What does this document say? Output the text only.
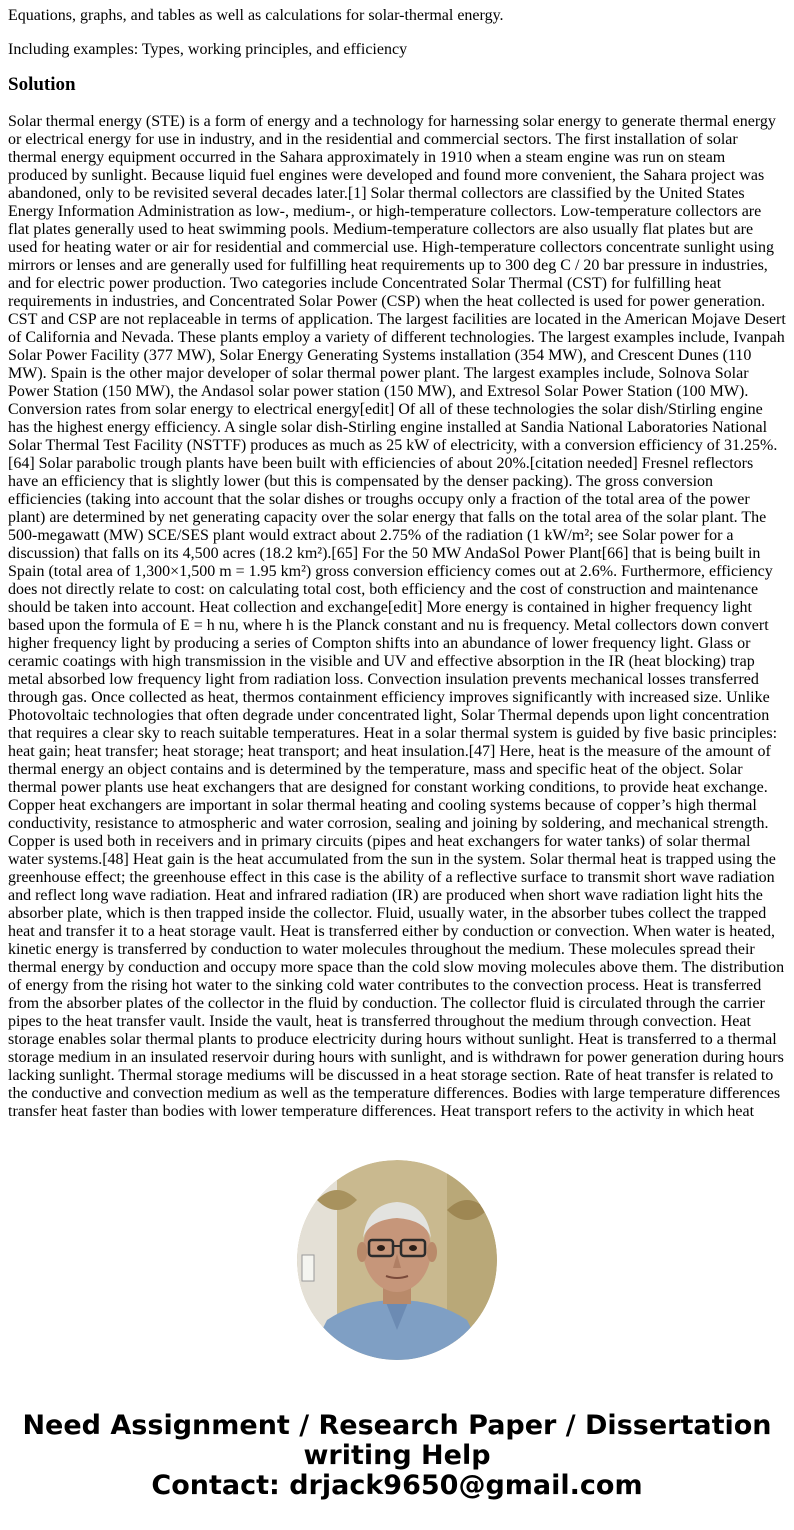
Equations, graphs, and tables as well as calculations for solar-thermal energy.

Including examples: Types, working principles, and efficiency

Solution
Solar thermal energy (STE) is a form of energy and a technology for harnessing solar energy to generate thermal energy or electrical energy for use in industry, and in the residential and commercial sectors. The first installation of solar thermal energy equipment occurred in the Sahara approximately in 1910 when a steam engine was run on steam produced by sunlight. Because liquid fuel engines were developed and found more convenient, the Sahara project was abandoned, only to be revisited several decades later.[1] Solar thermal collectors are classified by the United States Energy Information Administration as low-, medium-, or high-temperature collectors. Low-temperature collectors are flat plates generally used to heat swimming pools. Medium-temperature collectors are also usually flat plates but are used for heating water or air for residential and commercial use. High-temperature collectors concentrate sunlight using mirrors or lenses and are generally used for fulfilling heat requirements up to 300 deg C / 20 bar pressure in industries, and for electric power production. Two categories include Concentrated Solar Thermal (CST) for fulfilling heat requirements in industries, and Concentrated Solar Power (CSP) when the heat collected is used for power generation. CST and CSP are not replaceable in terms of application. The largest facilities are located in the American Mojave Desert of California and Nevada. These plants employ a variety of different technologies. The largest examples include, Ivanpah Solar Power Facility (377 MW), Solar Energy Generating Systems installation (354 MW), and Crescent Dunes (110 MW). Spain is the other major developer of solar thermal power plant. The largest examples include, Solnova Solar Power Station (150 MW), the Andasol solar power station (150 MW), and Extresol Solar Power Station (100 MW). Conversion rates from solar energy to electrical energy[edit] Of all of these technologies the solar dish/Stirling engine has the highest energy efficiency. A single solar dish-Stirling engine installed at Sandia National Laboratories National Solar Thermal Test Facility (NSTTF) produces as much as 25 kW of electricity, with a conversion efficiency of 31.25%.[64] Solar parabolic trough plants have been built with efficiencies of about 20%.[citation needed] Fresnel reflectors have an efficiency that is slightly lower (but this is compensated by the denser packing). The gross conversion efficiencies (taking into account that the solar dishes or troughs occupy only a fraction of the total area of the power plant) are determined by net generating capacity over the solar energy that falls on the total area of the solar plant. The 500-megawatt (MW) SCE/SES plant would extract about 2.75% of the radiation (1 kW/m²; see Solar power for a discussion) that falls on its 4,500 acres (18.2 km²).[65] For the 50 MW AndaSol Power Plant[66] that is being built in Spain (total area of 1,300×1,500 m = 1.95 km²) gross conversion efficiency comes out at 2.6%. Furthermore, efficiency does not directly relate to cost: on calculating total cost, both efficiency and the cost of construction and maintenance should be taken into account. Heat collection and exchange[edit] More energy is contained in higher frequency light based upon the formula of E = h nu, where h is the Planck constant and nu is frequency. Metal collectors down convert higher frequency light by producing a series of Compton shifts into an abundance of lower frequency light. Glass or ceramic coatings with high transmission in the visible and UV and effective absorption in the IR (heat blocking) trap metal absorbed low frequency light from radiation loss. Convection insulation prevents mechanical losses transferred through gas. Once collected as heat, thermos containment efficiency improves significantly with increased size. Unlike Photovoltaic technologies that often degrade under concentrated light, Solar Thermal depends upon light concentration that requires a clear sky to reach suitable temperatures. Heat in a solar thermal system is guided by five basic principles: heat gain; heat transfer; heat storage; heat transport; and heat insulation.[47] Here, heat is the measure of the amount of thermal energy an object contains and is determined by the temperature, mass and specific heat of the object. Solar thermal power plants use heat exchangers that are designed for constant working conditions, to provide heat exchange. Copper heat exchangers are important in solar thermal heating and cooling systems because of copper’s high thermal conductivity, resistance to atmospheric and water corrosion, sealing and joining by soldering, and mechanical strength. Copper is used both in receivers and in primary circuits (pipes and heat exchangers for water tanks) of solar thermal water systems.[48] Heat gain is the heat accumulated from the sun in the system. Solar thermal heat is trapped using the greenhouse effect; the greenhouse effect in this case is the ability of a reflective surface to transmit short wave radiation and reflect long wave radiation. Heat and infrared radiation (IR) are produced when short wave radiation light hits the absorber plate, which is then trapped inside the collector. Fluid, usually water, in the absorber tubes collect the trapped heat and transfer it to a heat storage vault. Heat is transferred either by conduction or convection. When water is heated, kinetic energy is transferred by conduction to water molecules throughout the medium. These molecules spread their thermal energy by conduction and occupy more space than the cold slow moving molecules above them. The distribution of energy from the rising hot water to the sinking cold water contributes to the convection process. Heat is transferred from the absorber plates of the collector in the fluid by conduction. The collector fluid is circulated through the carrier pipes to the heat transfer vault. Inside the vault, heat is transferred throughout the medium through convection. Heat storage enables solar thermal plants to produce electricity during hours without sunlight. Heat is transferred to a thermal storage medium in an insulated reservoir during hours with sunlight, and is withdrawn for power generation during hours lacking sunlight. Thermal storage mediums will be discussed in a heat storage section. Rate of heat transfer is related to the conductive and convection medium as well as the temperature differences. Bodies with large temperature differences transfer heat faster than bodies with lower temperature differences. Heat transport refers to the activity in which heat
Need Assignment / Research Paper / Dissertation
writing Help
Contact: drjack9650@gmail.com
